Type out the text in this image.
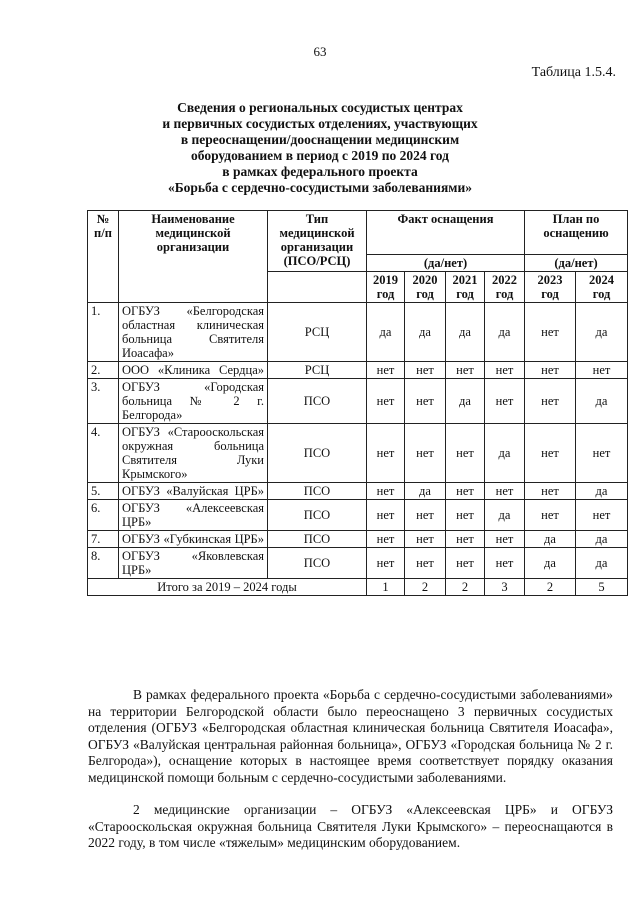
63
Таблица 1.5.4.
Сведения о региональных сосудистых центрах
и первичных сосудистых отделениях, участвующих
в переоснащении/дооснащении медицинским
оборудованием в период с 2019 по 2024 год
в рамках федерального проекта
«Борьба с сердечно-сосудистыми заболеваниями»
№ п/п	Наименование медицинской организации	Тип медицинской организации (ПСО/РСЦ)	Факт оснащения				План по оснащению	
			(да/нет)				(да/нет)	
			2019 год	2020 год	2021 год	2022 год	2023 год	2024 год
1.	ОГБУЗ «Белгородская областная клиническая больница Святителя Иоасафа»	РСЦ	да	да	да	да	нет	да
2.	ООО «Клиника Сердца»	РСЦ	нет	нет	нет	нет	нет	нет
3.	ОГБУЗ «Городская больница № 2 г. Белгорода»	ПСО	нет	нет	да	нет	нет	да
4.	ОГБУЗ «Старооскольская окружная больница Святителя Луки Крымского»	ПСО	нет	нет	нет	да	нет	нет
5.	ОГБУЗ «Валуйская ЦРБ»	ПСО	нет	да	нет	нет	нет	да
6.	ОГБУЗ «Алексеевская ЦРБ»	ПСО	нет	нет	нет	да	нет	нет
7.	ОГБУЗ «Губкинская ЦРБ»	ПСО	нет	нет	нет	нет	да	да
8.	ОГБУЗ «Яковлевская ЦРБ»	ПСО	нет	нет	нет	нет	да	да
Итого за 2019 – 2024 годы			1	2	2	3	2	5
В рамках федерального проекта «Борьба с сердечно-сосудистыми заболеваниями» на территории Белгородской области было переоснащено 3 первичных сосудистых отделения (ОГБУЗ «Белгородская областная клиническая больница Святителя Иоасафа», ОГБУЗ «Валуйская центральная районная больница», ОГБУЗ «Городская больница № 2 г. Белгорода»), оснащение которых в настоящее время соответствует порядку оказания медицинской помощи больным с сердечно-сосудистыми заболеваниями.
2 медицинские организации – ОГБУЗ «Алексеевская ЦРБ» и ОГБУЗ «Старооскольская окружная больница Святителя Луки Крымского» – переоснащаются в 2022 году, в том числе «тяжелым» медицинским оборудованием.
